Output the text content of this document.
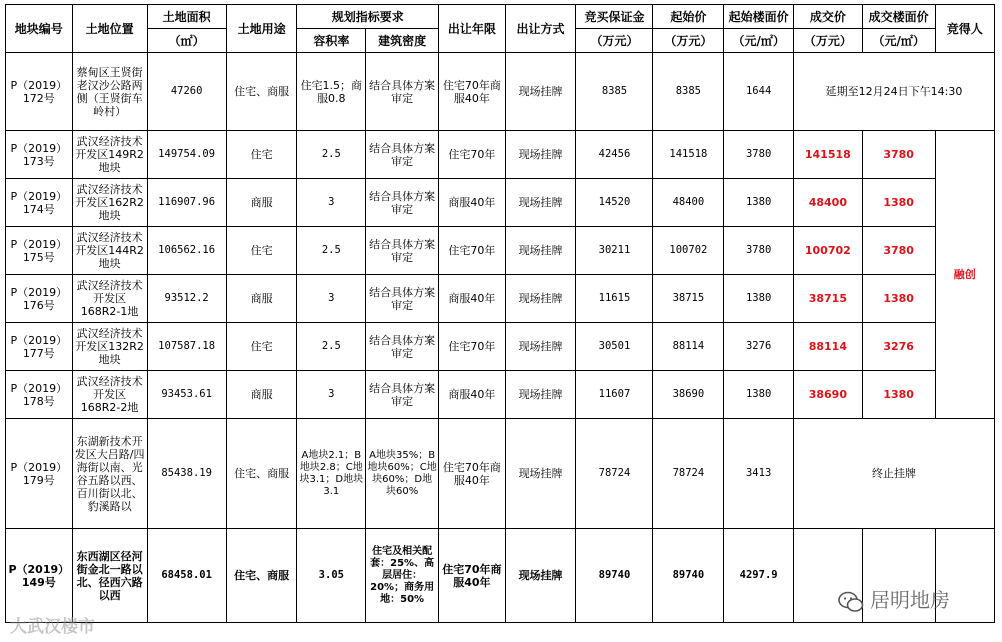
地块编号	土地位置	土地面积	土地用途	规划指标要求		出让年限	出让方式	竞买保证金	起始价	起始楼面价	成交价	成交楼面价	竞得人
		（㎡）		容积率	建筑密度			（万元）	（万元）	（元/㎡）	（万元）	（元/㎡）	
P（2019）172号	蔡甸区王贤街老汉沙公路两侧（王贤街车岭村）	47260	住宅、商服	住宅1.5；商服0.8	结合具体方案审定	住宅70年商服40年	现场挂牌	8385	8385	1644	延期至12月24日下午14:30		
P（2019）173号	武汉经济技术开发区149R2地块	149754.09	住宅	2.5	结合具体方案审定	住宅70年	现场挂牌	42456	141518	3780	141518	3780	融创
P（2019）174号	武汉经济技术开发区162R2地块	116907.96	商服	3	结合具体方案审定	商服40年	现场挂牌	14520	48400	1380	48400	1380	
P（2019）175号	武汉经济技术开发区144R2地块	106562.16	住宅	2.5	结合具体方案审定	住宅70年	现场挂牌	30211	100702	3780	100702	3780	
P（2019）176号	武汉经济技术开发区168R2-1地	93512.2	商服	3	结合具体方案审定	商服40年	现场挂牌	11615	38715	1380	38715	1380	
P（2019）177号	武汉经济技术开发区132R2地块	107587.18	住宅	2.5	结合具体方案审定	住宅70年	现场挂牌	30501	88114	3276	88114	3276	
P（2019）178号	武汉经济技术开发区168R2-2地	93453.61	商服	3	结合具体方案审定	商服40年	现场挂牌	11607	38690	1380	38690	1380	
P（2019）179号	东湖新技术开发区大吕路/四海街以南、光谷五路以西、百川街以北、豹溪路以	85438.19	住宅、商服	A地块2.1；B地块2.8；C地块3.1；D地块3.1	A地块35%；B地块60%；C地块60%；D地块60%	住宅70年商服40年	现场挂牌	78724	78724	3413	终止挂牌		
P（2019）149号	东西湖区径河街金北一路以北、径西六路以西	68458.01	住宅、商服	3.05	住宅及相关配套：25%、高层居住：20%；商务用地：50%	住宅70年商服40年	现场挂牌	89740	89740	4297.9			
大武汉楼市
居明地房
